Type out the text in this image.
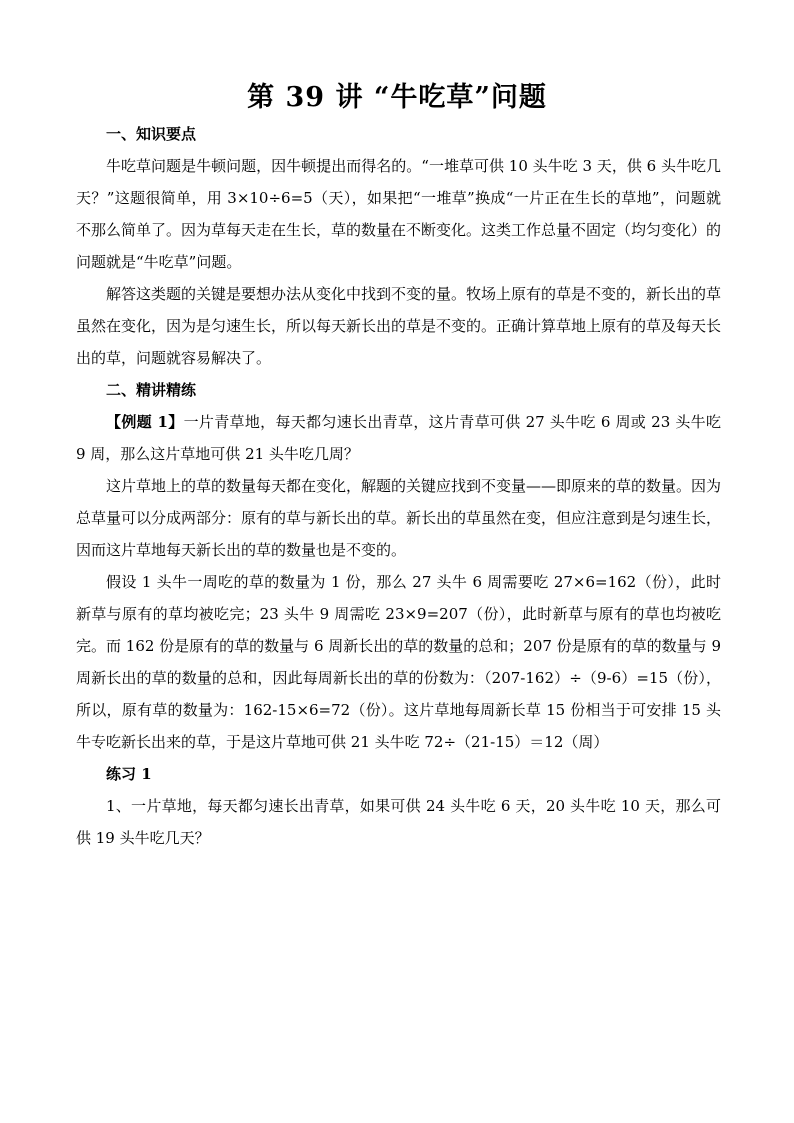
第 39 讲 “牛吃草”问题

一、知识要点

牛吃草问题是牛顿问题，因牛顿提出而得名的。“一堆草可供 10 头牛吃 3 天，供 6 头牛吃几天？”这题很简单，用 3×10÷6=5（天），如果把“一堆草”换成“一片正在生长的草地”，问题就不那么简单了。因为草每天走在生长，草的数量在不断变化。这类工作总量不固定（均匀变化）的问题就是“牛吃草”问题。

解答这类题的关键是要想办法从变化中找到不变的量。牧场上原有的草是不变的，新长出的草虽然在变化，因为是匀速生长，所以每天新长出的草是不变的。正确计算草地上原有的草及每天长出的草，问题就容易解决了。

二、精讲精练

【例题 1】一片青草地，每天都匀速长出青草，这片青草可供 27 头牛吃 6 周或 23 头牛吃 9 周，那么这片草地可供 21 头牛吃几周？

这片草地上的草的数量每天都在变化，解题的关键应找到不变量——即原来的草的数量。因为总草量可以分成两部分：原有的草与新长出的草。新长出的草虽然在变，但应注意到是匀速生长，因而这片草地每天新长出的草的数量也是不变的。

假设 1 头牛一周吃的草的数量为 1 份，那么 27 头牛 6 周需要吃 27×6=162（份），此时新草与原有的草均被吃完；23 头牛 9 周需吃 23×9=207（份），此时新草与原有的草也均被吃完。而 162 份是原有的草的数量与 6 周新长出的草的数量的总和；207 份是原有的草的数量与 9 周新长出的草的数量的总和，因此每周新长出的草的份数为：（207-162）÷（9-6）=15（份），所以，原有草的数量为：162-15×6=72（份）。这片草地每周新长草 15 份相当于可安排 15 头牛专吃新长出来的草，于是这片草地可供 21 头牛吃 72÷（21-15）＝12（周）

练习 1

1、一片草地，每天都匀速长出青草，如果可供 24 头牛吃 6 天，20 头牛吃 10 天，那么可供 19 头牛吃几天？
